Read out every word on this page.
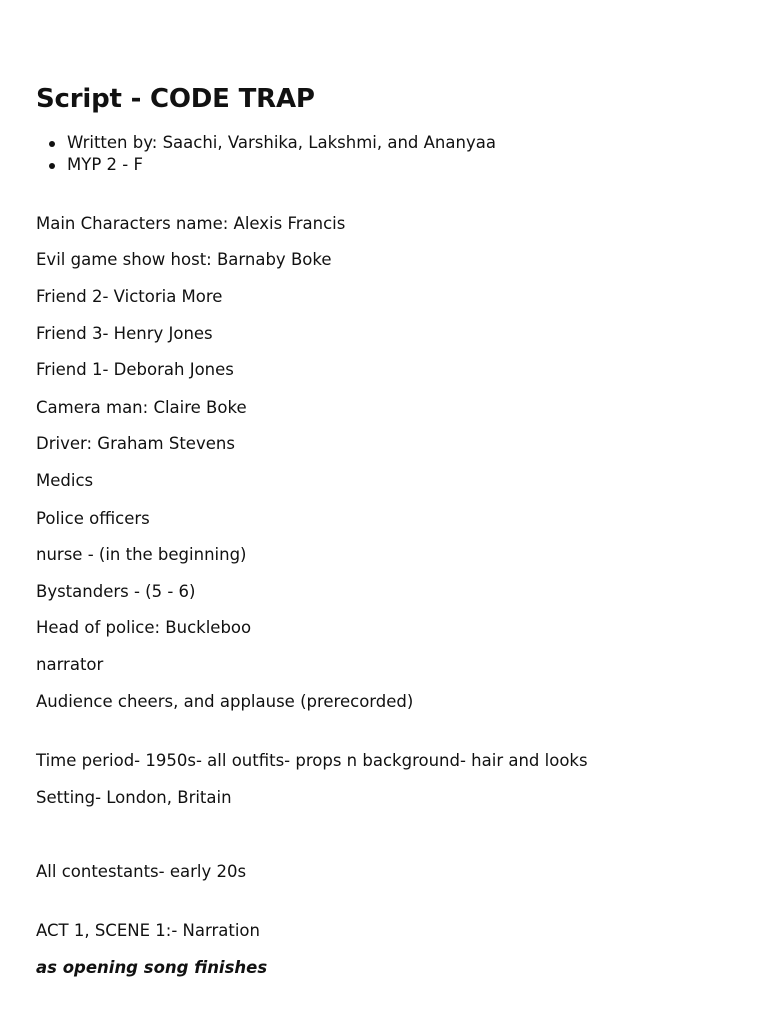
Script - CODE TRAP
Written by: Saachi, Varshika, Lakshmi, and Ananyaa
MYP 2 - F

Main Characters name: Alexis Francis

Evil game show host: Barnaby Boke

Friend 2- Victoria More

Friend 3- Henry Jones

Friend 1- Deborah Jones

Camera man: Claire Boke

Driver: Graham Stevens

Medics

Police officers

nurse - (in the beginning)

Bystanders - (5 - 6)

Head of police: Buckleboo

narrator

Audience cheers, and applause (prerecorded)

Time period- 1950s- all outfits- props n background- hair and looks

Setting- London, Britain

All contestants- early 20s

ACT 1, SCENE 1:- Narration

as opening song finishes
